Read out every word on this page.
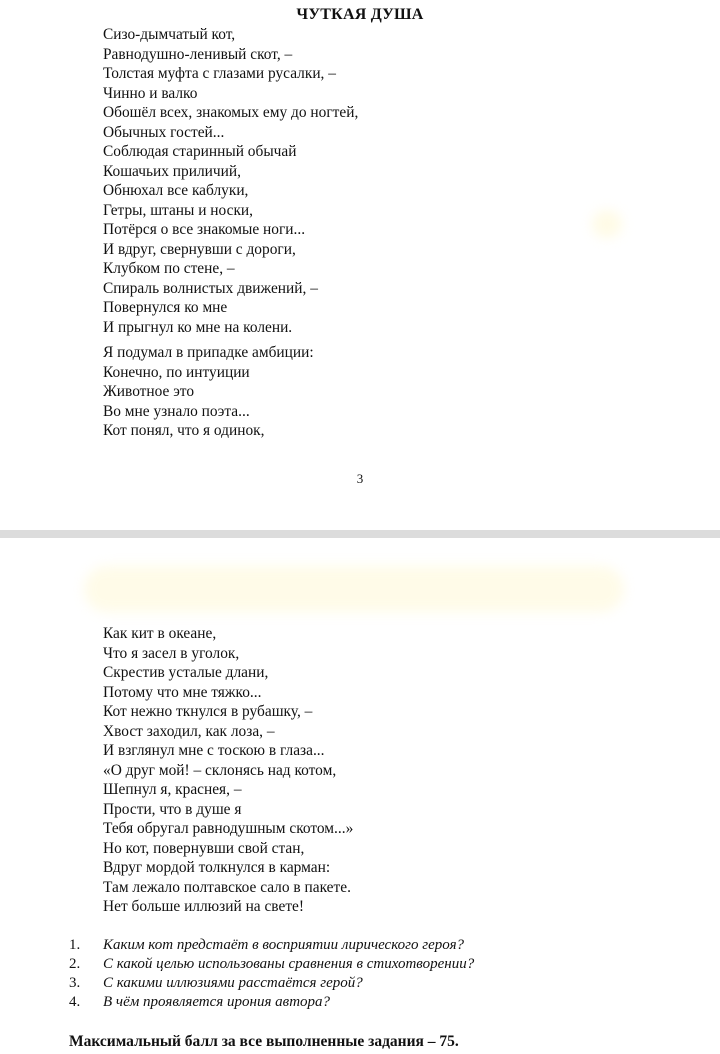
ЧУТКАЯ ДУША
Сизо-дымчатый кот,
Равнодушно-ленивый скот, –
Толстая муфта с глазами русалки, –
Чинно и валко
Обошёл всех, знакомых ему до ногтей,
Обычных гостей...
Соблюдая старинный обычай
Кошачьих приличий,
Обнюхал все каблуки,
Гетры, штаны и носки,
Потёрся о все знакомые ноги...
И вдруг, свернувши с дороги,
Клубком по стене, –
Спираль волнистых движений, –
Повернулся ко мне
И прыгнул ко мне на колени.
Я подумал в припадке амбиции:
Конечно, по интуиции
Животное это
Во мне узнало поэта...
Кот понял, что я одинок,
3
Как кит в океане,
Что я засел в уголок,
Скрестив усталые длани,
Потому что мне тяжко...
Кот нежно ткнулся в рубашку, –
Хвост заходил, как лоза, –
И взглянул мне с тоскою в глаза...
«О друг мой! – склонясь над котом,
Шепнул я, краснея, –
Прости, что в душе я
Тебя обругал равнодушным скотом...»
Но кот, повернувши свой стан,
Вдруг мордой толкнулся в карман:
Там лежало полтавское сало в пакете.
Нет больше иллюзий на свете!
1.	Каким кот предстаёт в восприятии лирического героя?
2.	С какой целью использованы сравнения в стихотворении?
3.	С какими иллюзиями расстаётся герой?
4.	В чём проявляется ирония автора?
Максимальный балл за все выполненные задания – 75.
